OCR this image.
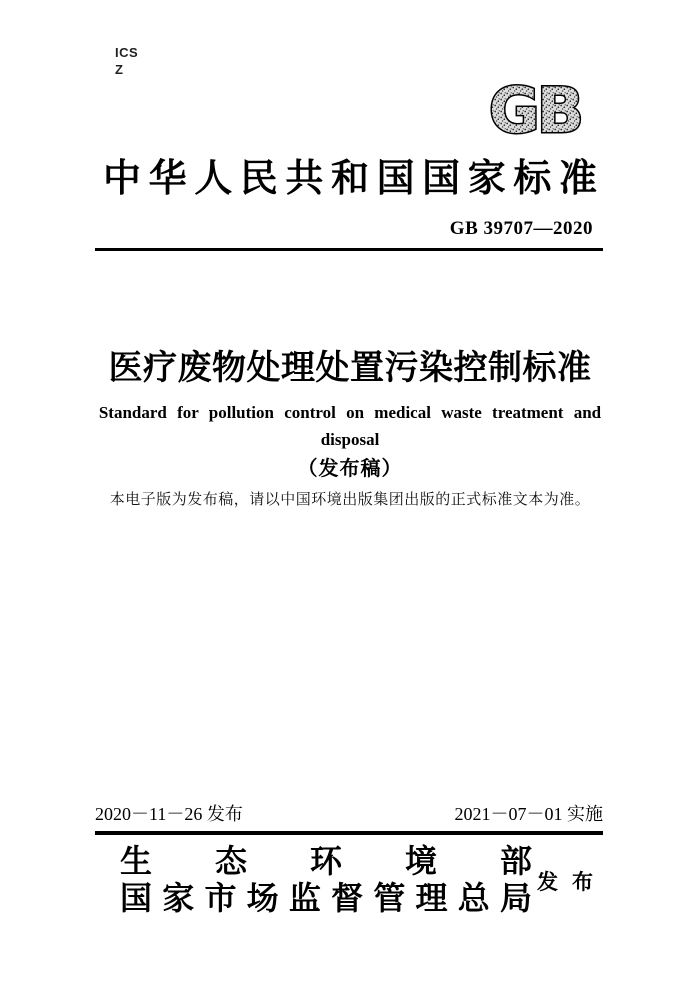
ICS
Z
GB
中 华 人 民 共 和 国 国 家 标 准
GB 39707—2020
医疗废物处理处置污染控制标准
Standard for pollution control on medical waste treatment and
disposal
（发布稿）
本电子版为发布稿，请以中国环境出版集团出版的正式标准文本为准。
2020－11－26 发布	2021－07－01 实施
生 态 环 境 部
国 家 市 场 监 督 管 理 总 局 发 布
